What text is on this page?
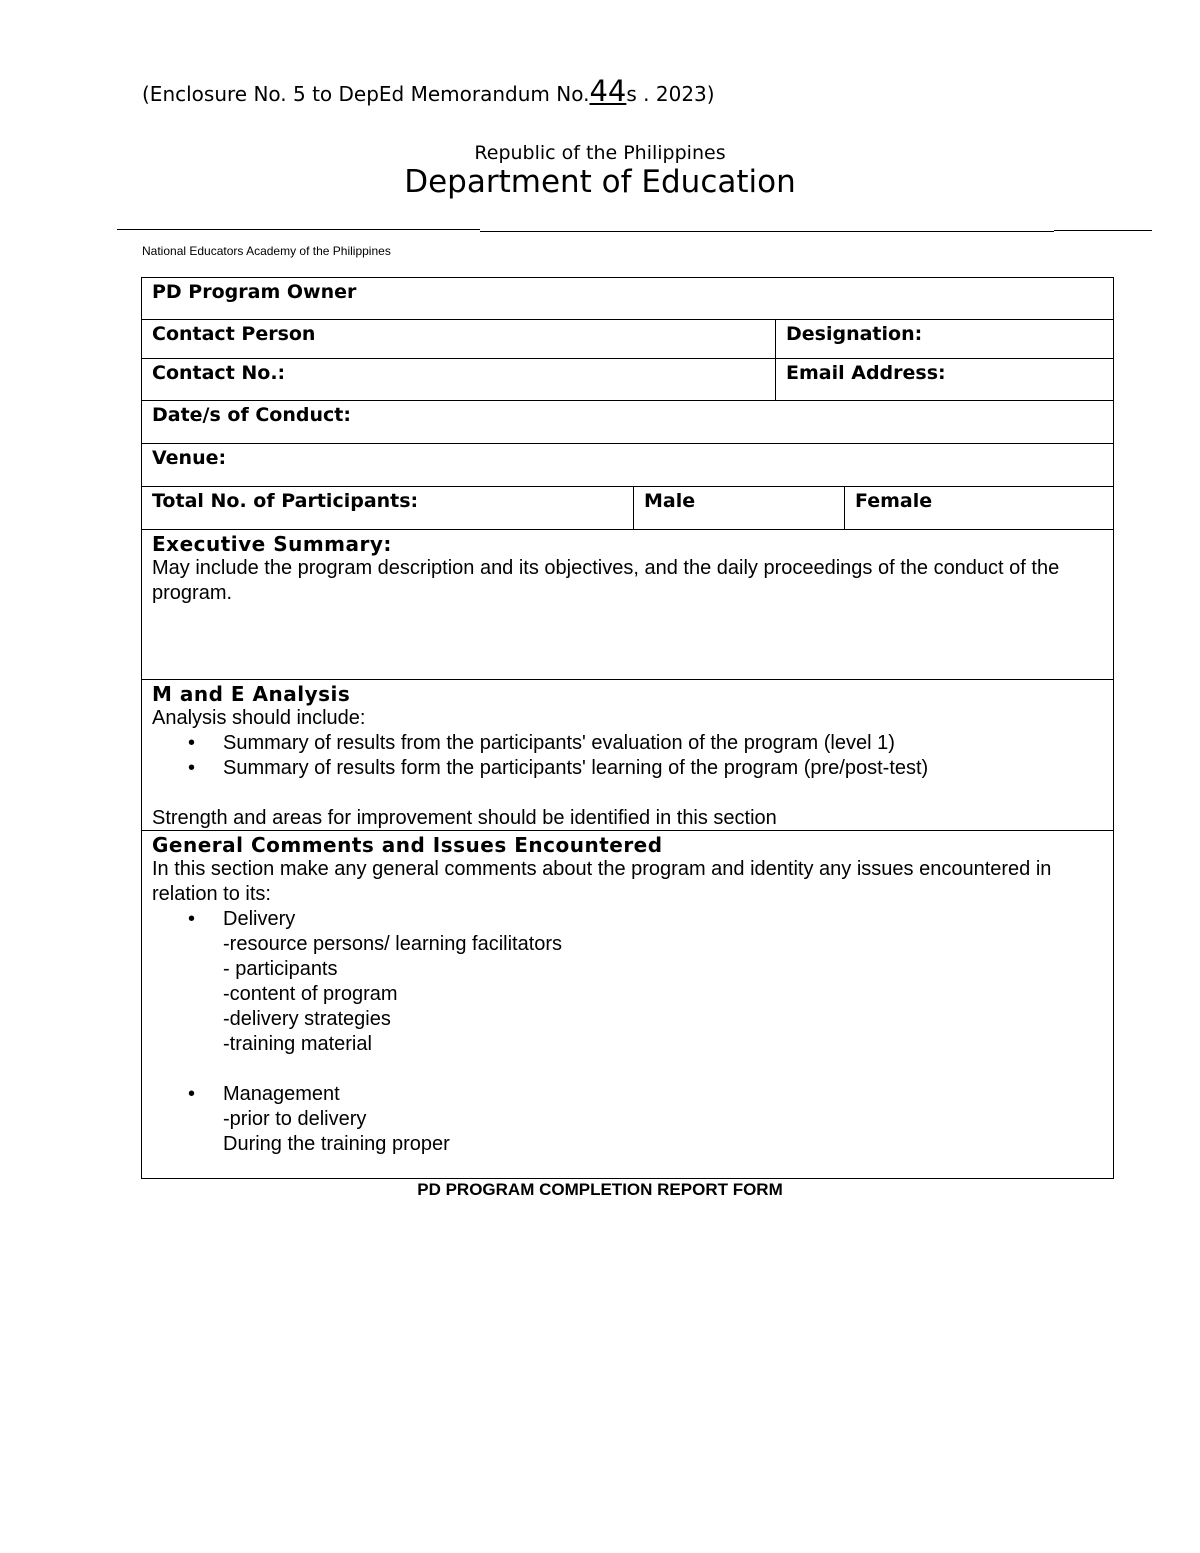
(Enclosure No. 5 to DepEd Memorandum No.44s . 2023)
Republic of the Philippines
Department of Education
National Educators Academy of the Philippines
PD Program Owner
Contact Person	Designation:
Contact No.:	Email Address:
Date/s of Conduct:
Venue:
Total No. of Participants:	Male	Female
Executive Summary:
May include the program description and its objectives, and the daily proceedings of the conduct of the program.
M and E Analysis
Analysis should include:
• Summary of results from the participants' evaluation of the program (level 1)
• Summary of results form the participants' learning of the program (pre/post-test)
Strength and areas for improvement should be identified in this section
General Comments and Issues Encountered
In this section make any general comments about the program and identity any issues encountered in relation to its:
• Delivery
-resource persons/ learning facilitators
- participants
-content of program
-delivery strategies
-training material
• Management
-prior to delivery
During the training proper
PD PROGRAM COMPLETION REPORT FORM
